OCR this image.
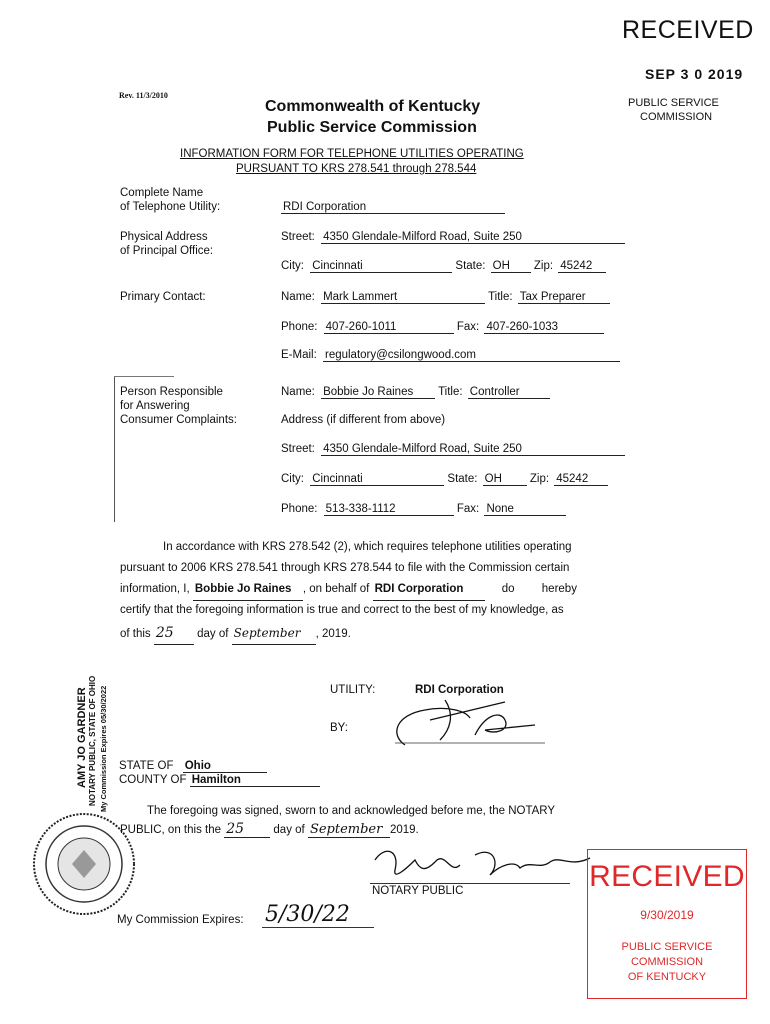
RECEIVED
SEP 3 0 2019
PUBLIC SERVICE
COMMISSION
Rev. 11/3/2010
Commonwealth of Kentucky
Public Service Commission
INFORMATION FORM FOR TELEPHONE UTILITIES OPERATING
PURSUANT TO KRS 278.541 through 278.544
Complete Name
of Telephone Utility:	RDI Corporation
Physical Address
of Principal Office:
Street: 4350 Glendale-Milford Road, Suite 250
City: Cincinnati	State: OH Zip: 45242
Primary Contact:	Name: Mark Lammert	Title: Tax Preparer
Phone: 407-260-1011	Fax: 407-260-1033
E-Mail: regulatory@csilongwood.com
Person Responsible
for Answering
Consumer Complaints:
Name: Bobbie Jo Raines Title: Controller
Address (if different from above)
Street: 4350 Glendale-Milford Road, Suite 250
City: Cincinnati	State: OH Zip: 45242
Phone: 513-338-1112	Fax: None
In accordance with KRS 278.542 (2), which requires telephone utilities operating
pursuant to 2006 KRS 278.541 through KRS 278.544 to file with the Commission certain
information, I, Bobbie Jo Raines , on behalf of RDI Corporation	do hereby
certify that the foregoing information is true and correct to the best of my knowledge, as
of this 25 day of September , 2019.
UTILITY:	RDI Corporation
BY:
AMY JO GARDNER NOTARY PUBLIC, STATE OF OHIO My Commission Expires 05/30/2022 STATE OF Ohio
COUNTY OF Hamilton
The foregoing was signed, sworn to and acknowledged before me, the NOTARY
PUBLIC, on this the 25	day of September 2019.
NOTARY PUBLIC
My Commission Expires: 5/30/22
RECEIVED
9/30/2019
PUBLIC SERVICE
COMMISSION
OF KENTUCKY
